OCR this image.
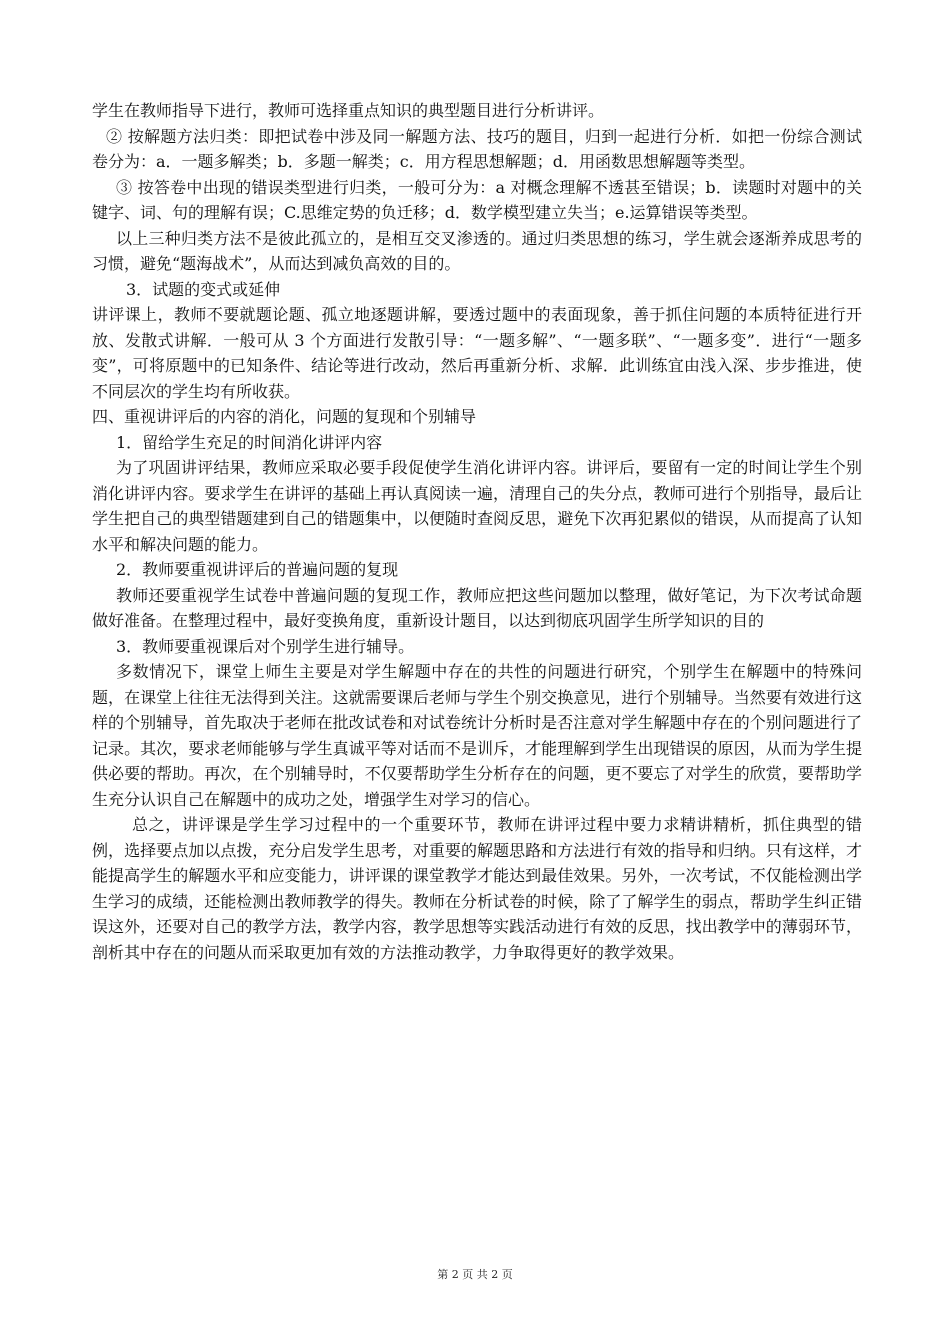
学生在教师指导下进行，教师可选择重点知识的典型题目进行分析讲评。

② 按解题方法归类：即把试卷中涉及同一解题方法、技巧的题目，归到一起进行分析．如把一份综合测试卷分为：a．一题多解类；b．多题一解类；c．用方程思想解题；d．用函数思想解题等类型。

③ 按答卷中出现的错误类型进行归类，一般可分为：a 对概念理解不透甚至错误；b．读题时对题中的关键字、词、句的理解有误；C.思维定势的负迁移；d．数学模型建立失当；e.运算错误等类型。

以上三种归类方法不是彼此孤立的，是相互交叉渗透的。通过归类思想的练习，学生就会逐渐养成思考的习惯，避免“题海战术”，从而达到减负高效的目的。

3．试题的变式或延伸

讲评课上，教师不要就题论题、孤立地逐题讲解，要透过题中的表面现象，善于抓住问题的本质特征进行开放、发散式讲解．一般可从 3 个方面进行发散引导：“一题多解”、“一题多联”、“一题多变”．进行“一题多变”，可将原题中的已知条件、结论等进行改动，然后再重新分析、求解．此训练宜由浅入深、步步推进，使不同层次的学生均有所收获。

四、重视讲评后的内容的消化，问题的复现和个别辅导

1．留给学生充足的时间消化讲评内容

为了巩固讲评结果，教师应采取必要手段促使学生消化讲评内容。讲评后，要留有一定的时间让学生个别消化讲评内容。要求学生在讲评的基础上再认真阅读一遍，清理自己的失分点，教师可进行个别指导，最后让学生把自己的典型错题建到自己的错题集中，以便随时查阅反思，避免下次再犯累似的错误，从而提高了认知水平和解决问题的能力。

2．教师要重视讲评后的普遍问题的复现

教师还要重视学生试卷中普遍问题的复现工作，教师应把这些问题加以整理，做好笔记，为下次考试命题做好准备。在整理过程中，最好变换角度，重新设计题目，以达到彻底巩固学生所学知识的目的

3．教师要重视课后对个别学生进行辅导。

多数情况下，课堂上师生主要是对学生解题中存在的共性的问题进行研究，个别学生在解题中的特殊问题，在课堂上往往无法得到关注。这就需要课后老师与学生个别交换意见，进行个别辅导。当然要有效进行这样的个别辅导，首先取决于老师在批改试卷和对试卷统计分析时是否注意对学生解题中存在的个别问题进行了记录。其次，要求老师能够与学生真诚平等对话而不是训斥，才能理解到学生出现错误的原因，从而为学生提供必要的帮助。再次，在个别辅导时，不仅要帮助学生分析存在的问题，更不要忘了对学生的欣赏，要帮助学生充分认识自己在解题中的成功之处，增强学生对学习的信心。

总之，讲评课是学生学习过程中的一个重要环节，教师在讲评过程中要力求精讲精析，抓住典型的错例，选择要点加以点拨，充分启发学生思考，对重要的解题思路和方法进行有效的指导和归纳。只有这样，才能提高学生的解题水平和应变能力，讲评课的课堂教学才能达到最佳效果。另外，一次考试，不仅能检测出学生学习的成绩，还能检测出教师教学的得失。教师在分析试卷的时候，除了了解学生的弱点，帮助学生纠正错误这外，还要对自己的教学方法，教学内容，教学思想等实践活动进行有效的反思，找出教学中的薄弱环节，剖析其中存在的问题从而采取更加有效的方法推动教学，力争取得更好的教学效果。

第 2 页 共 2 页
